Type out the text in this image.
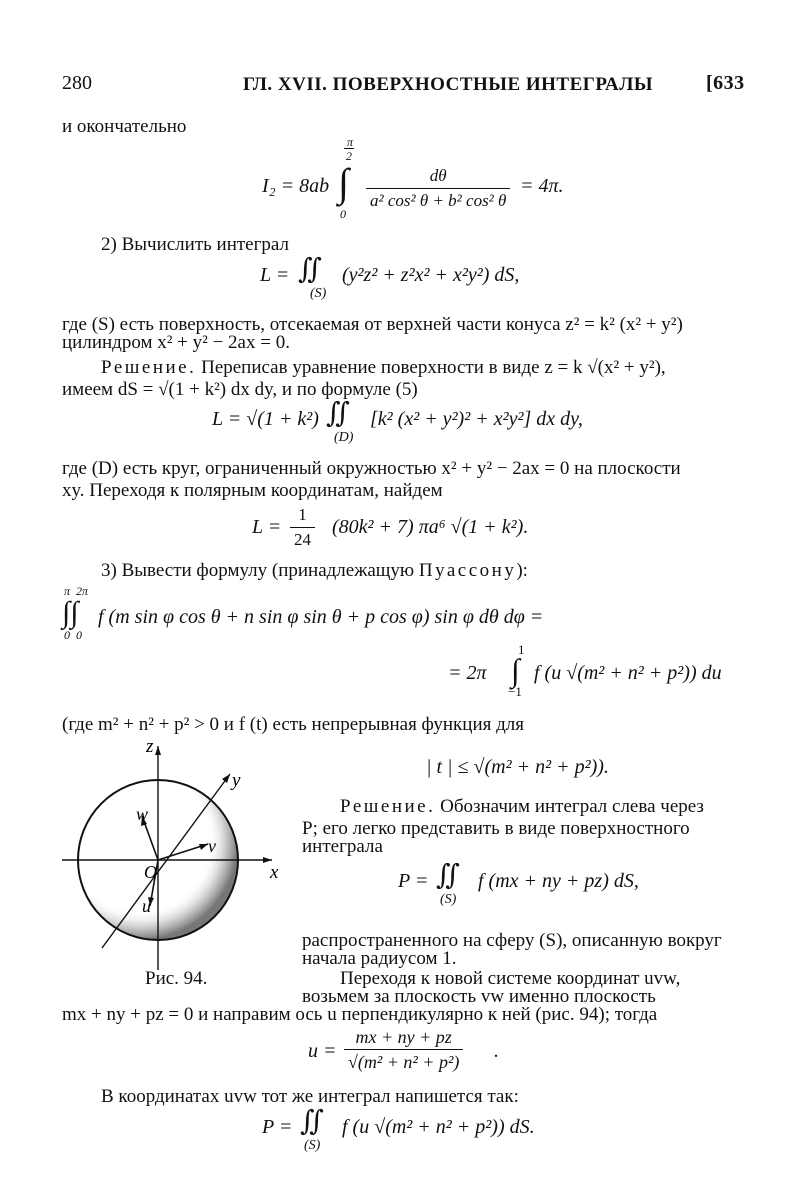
280	ГЛ. XVII. ПОВЕРХНОСТНЫЕ ИНТЕГРАЛЫ	[633
и окончательно
I₂ = 8ab
π
2
∫
0
$\frac{d\theta}{\text{a² cos² θ + b² cos² θ}} = 4\pi$.
2) Вычислить интеграл
L = ∬ (y²z² + z²x² + x²y²) dS,
(S)
где (S) есть поверхность, отсекаемая от верхней части конуса z² = k² (x² + y²)
цилиндром x² + y² − 2ax = 0.
Решение. Переписав уравнение поверхности в виде z = k √(x² + y²),
имеем dS = √(1 + k²) dx dy, и по формуле (5)
L = √(1 + k²) ∬ [k² (x² + y²)² + x²y²] dx dy,
(D)
где (D) есть круг, ограниченный окружностью x² + y² − 2ax = 0 на плоскости
xy. Переходя к полярным координатам, найдем
$L = \frac{1}{24} (80k^2 + 7)$ πa⁶ √(1 + k²).
3) Вывести формулу (принадлежащую Пуассону):
π  2π
∫∫
0  0
f (m sin φ cos θ + n sin φ sin θ + p cos φ) sin φ dθ dφ =
= 2π
1
∫
−1
f (u √(m² + n² + p²)) du
(где m² + n² + p² > 0 и f (t) есть непрерывная функция для
| t | ≤ √(m² + n² + p²)).
z
y
x
w
v
u
O
Рис. 94.
Решение. Обозначим интеграл слева через
P; его легко представить в виде поверхностного
интеграла
P = ∬ f (mx + ny + pz) dS,
(S)
распространенного на сферу (S), описанную вокруг
начала радиусом 1.
Переходя к новой системе координат uvw,
возьмем за плоскость vw именно плоскость
mx + ny + pz = 0 и направим ось u перпендикулярно к ней (рис. 94); тогда
$u = \frac{mx + ny + pz}{\text{√(m² + n² + p²)}}$ .
В координатах uvw тот же интеграл напишется так:
P = ∬ f (u √(m² + n² + p²)) dS.
(S)
